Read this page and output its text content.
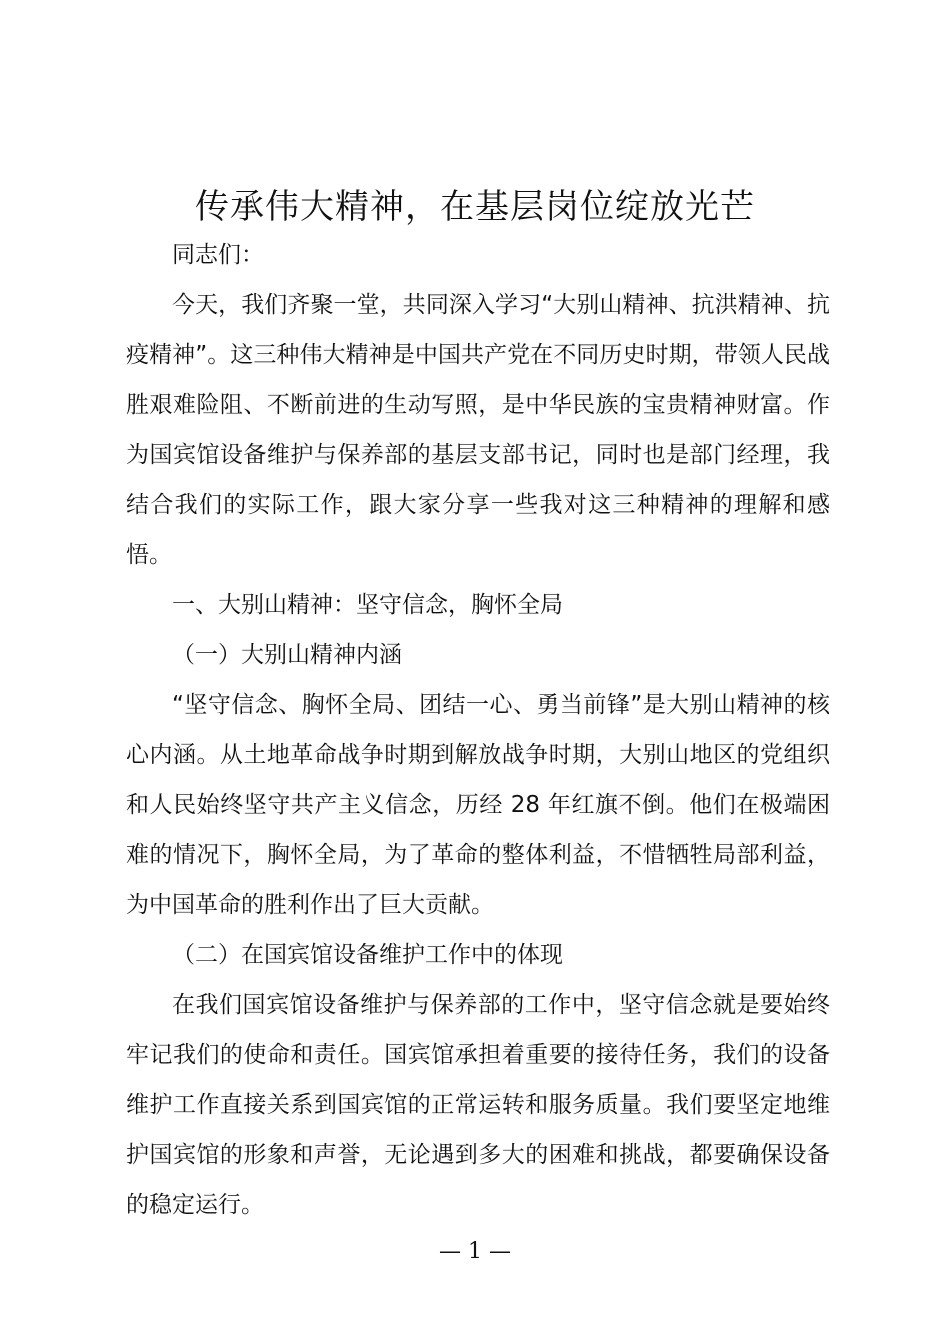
传承伟大精神，在基层岗位绽放光芒

同志们：

今天，我们齐聚一堂，共同深入学习“大别山精神、抗洪精神、抗疫精神”。这三种伟大精神是中国共产党在不同历史时期，带领人民战胜艰难险阻、不断前进的生动写照，是中华民族的宝贵精神财富。作为国宾馆设备维护与保养部的基层支部书记，同时也是部门经理，我结合我们的实际工作，跟大家分享一些我对这三种精神的理解和感悟。

一、大别山精神：坚守信念，胸怀全局

（一）大别山精神内涵

“坚守信念、胸怀全局、团结一心、勇当前锋”是大别山精神的核心内涵。从土地革命战争时期到解放战争时期，大别山地区的党组织和人民始终坚守共产主义信念，历经 28 年红旗不倒。他们在极端困难的情况下，胸怀全局，为了革命的整体利益，不惜牺牲局部利益，为中国革命的胜利作出了巨大贡献。

（二）在国宾馆设备维护工作中的体现

在我们国宾馆设备维护与保养部的工作中，坚守信念就是要始终牢记我们的使命和责任。国宾馆承担着重要的接待任务，我们的设备维护工作直接关系到国宾馆的正常运转和服务质量。我们要坚定地维护国宾馆的形象和声誉，无论遇到多大的困难和挑战，都要确保设备的稳定运行。

— 1 —
